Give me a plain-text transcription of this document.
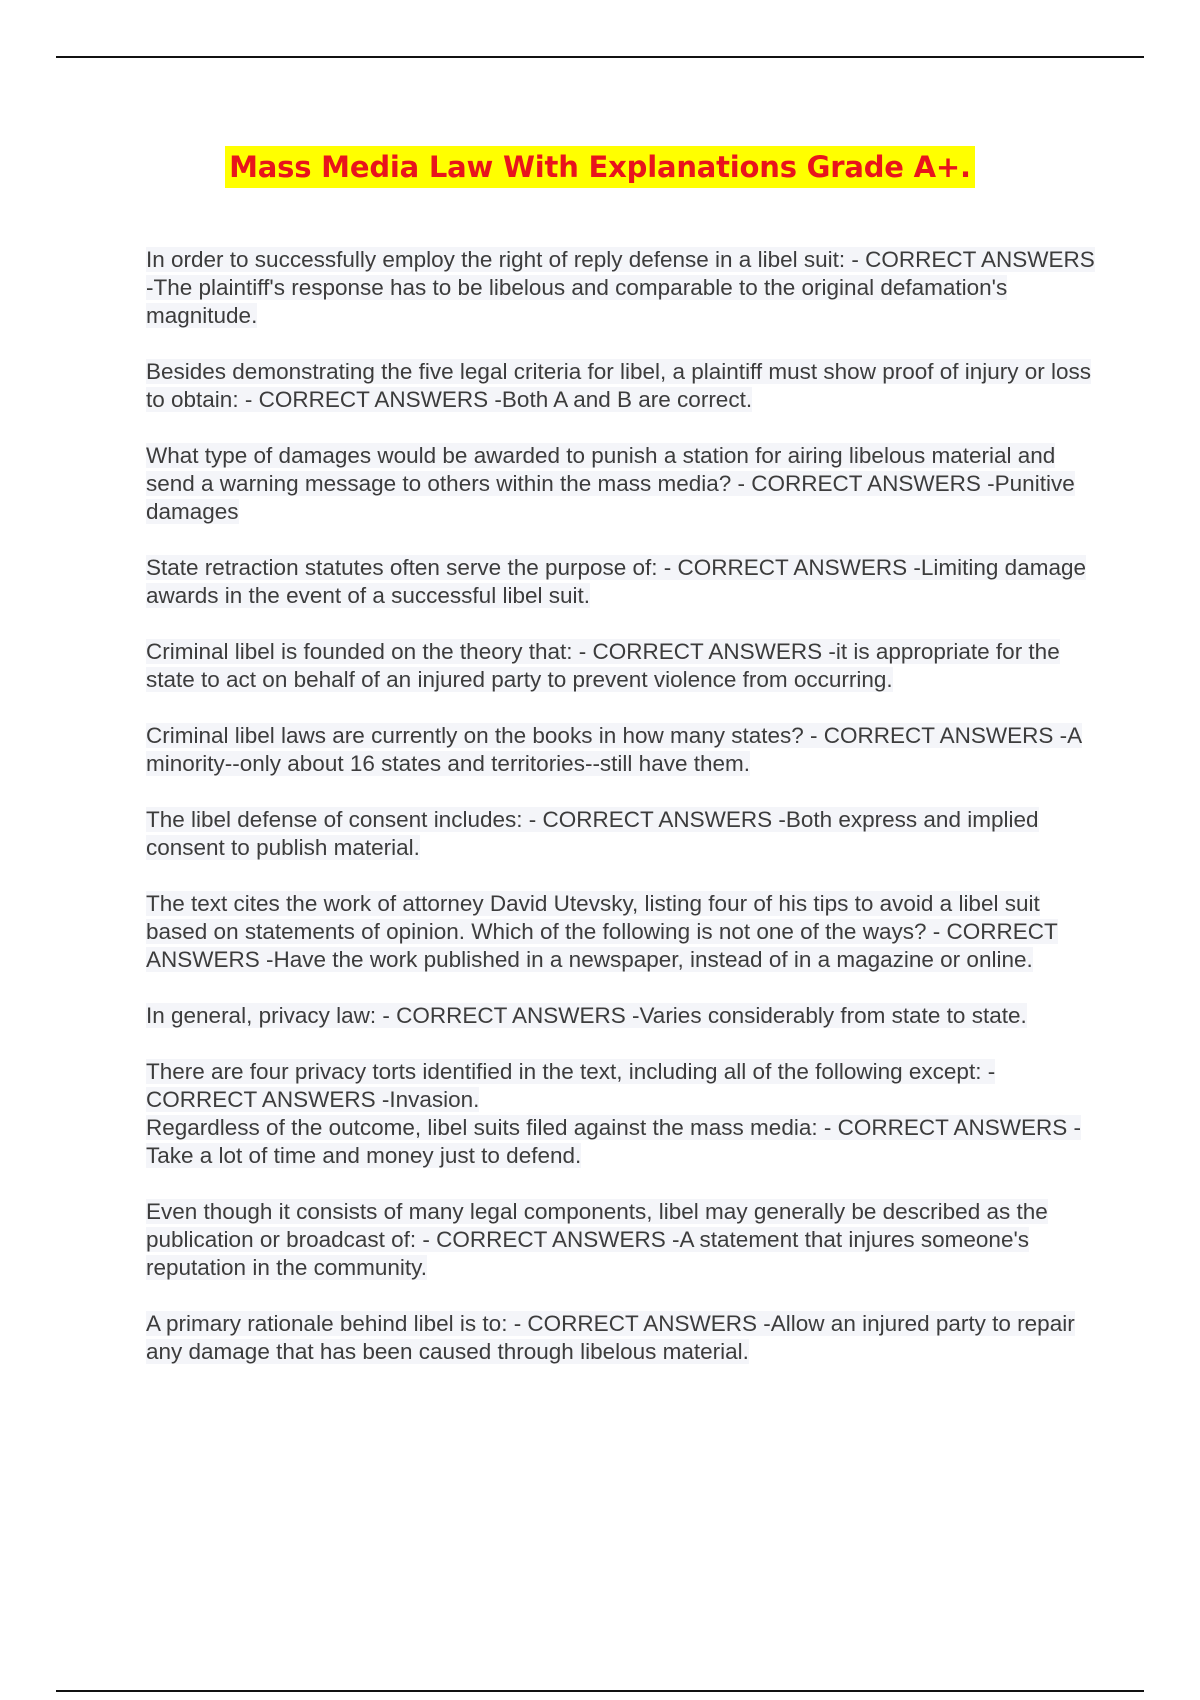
Mass Media Law With Explanations Grade A+.

In order to successfully employ the right of reply defense in a libel suit: - CORRECT ANSWERS -The plaintiff's response has to be libelous and comparable to the original defamation's magnitude.

Besides demonstrating the five legal criteria for libel, a plaintiff must show proof of injury or loss to obtain: - CORRECT ANSWERS -Both A and B are correct.

What type of damages would be awarded to punish a station for airing libelous material and send a warning message to others within the mass media? - CORRECT ANSWERS -Punitive damages

State retraction statutes often serve the purpose of: - CORRECT ANSWERS -Limiting damage awards in the event of a successful libel suit.

Criminal libel is founded on the theory that: - CORRECT ANSWERS -it is appropriate for the state to act on behalf of an injured party to prevent violence from occurring.

Criminal libel laws are currently on the books in how many states? - CORRECT ANSWERS -A minority--only about 16 states and territories--still have them.

The libel defense of consent includes: - CORRECT ANSWERS -Both express and implied consent to publish material.

The text cites the work of attorney David Utevsky, listing four of his tips to avoid a libel suit based on statements of opinion. Which of the following is not one of the ways? - CORRECT ANSWERS -Have the work published in a newspaper, instead of in a magazine or online.

In general, privacy law: - CORRECT ANSWERS -Varies considerably from state to state.

There are four privacy torts identified in the text, including all of the following except: - CORRECT ANSWERS -Invasion.

Regardless of the outcome, libel suits filed against the mass media: - CORRECT ANSWERS -Take a lot of time and money just to defend.

Even though it consists of many legal components, libel may generally be described as the publication or broadcast of: - CORRECT ANSWERS -A statement that injures someone's reputation in the community.

A primary rationale behind libel is to: - CORRECT ANSWERS -Allow an injured party to repair any damage that has been caused through libelous material.
